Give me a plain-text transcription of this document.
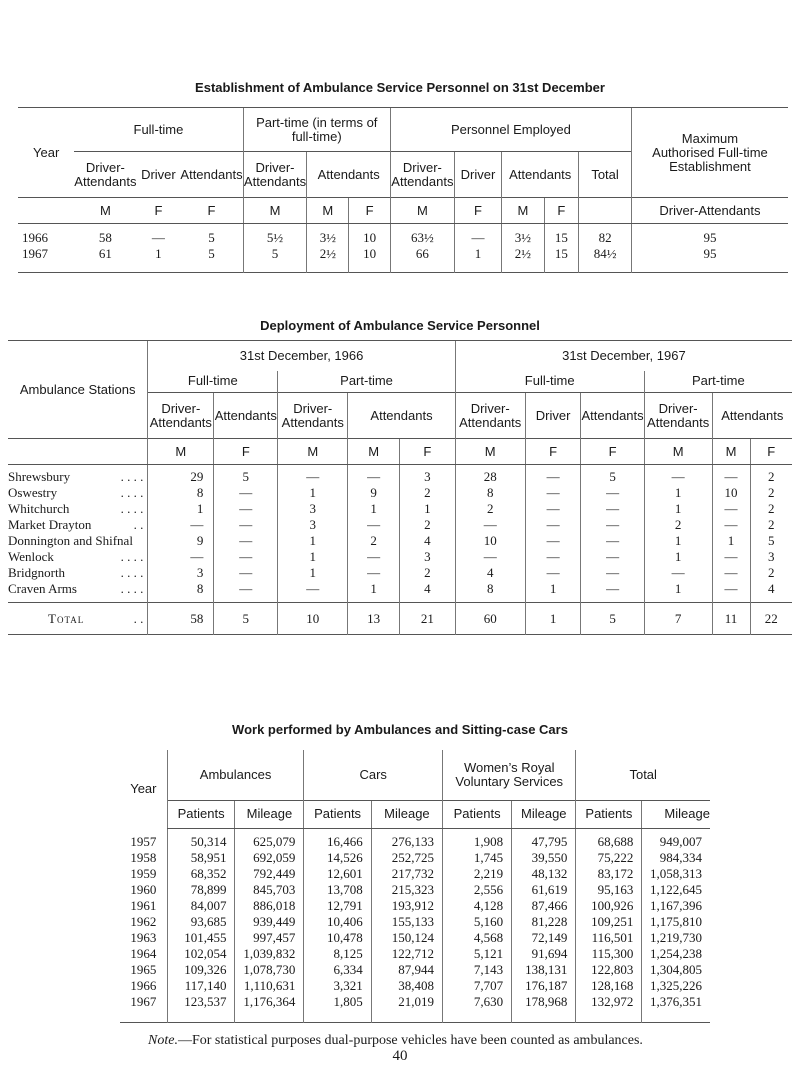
Establishment of Ambulance Service Personnel on 31st December
Year	Full-time			Part-time (in terms of full-time)			Personnel Employed					Maximum Authorised Full-time Establishment
	Driver-Attendants	Driver	Attendants	Driver-Attendants	Attendants		Driver-Attendants	Driver	Attendants		Total	
	M	F	F	M	M	F	M	F	M	F		Driver-Attendants
1966	58	—	5	5½	3½	10	63½	—	3½	15	82	95
1967	61	1	5	5	2½	10	66	1	2½	15	84½	95
Deployment of Ambulance Service Personnel
Ambulance Stations	31st December, 1966					31st December, 1967					
	Full-time		Part-time			Full-time			Part-time		
	Driver-Attendants	Attendants	Driver-Attendants	Attendants		Driver-Attendants	Driver	Attendants	Driver-Attendants	Attendants	
	M	F	M	M	F	M	F	F	M	M	F
Shrewsbury . . . .	29	5	—	—	3	28	—	5	—	—	2
Oswestry . . . .	8	—	1	9	2	8	—	—	1	10	2
Whitchurch . . . .	1	—	3	1	1	2	—	—	1	—	2
Market Drayton . .	—	—	3	—	2	—	—	—	2	—	2
Donnington and Shifnal	9	—	1	2	4	10	—	—	1	1	5
Wenlock . . . .	—	—	1	—	3	—	—	—	1	—	3
Bridgnorth . . . .	3	—	1	—	2	4	—	—	—	—	2
Craven Arms . . . .	8	—	—	1	4	8	1	—	1	—	4

Total . .	58	5	10	13	21	60	1	5	7	11	22
Work performed by Ambulances and Sitting-case Cars
Year	Ambulances		Cars		Women’s Royal Voluntary Services		Total	
	Patients	Mileage	Patients	Mileage	Patients	Mileage	Patients	Mileage
1957	50,314	625,079	16,466	276,133	1,908	47,795	68,688	949,007
1958	58,951	692,059	14,526	252,725	1,745	39,550	75,222	984,334
1959	68,352	792,449	12,601	217,732	2,219	48,132	83,172	1,058,313
1960	78,899	845,703	13,708	215,323	2,556	61,619	95,163	1,122,645
1961	84,007	886,018	12,791	193,912	4,128	87,466	100,926	1,167,396
1962	93,685	939,449	10,406	155,133	5,160	81,228	109,251	1,175,810
1963	101,455	997,457	10,478	150,124	4,568	72,149	116,501	1,219,730
1964	102,054	1,039,832	8,125	122,712	5,121	91,694	115,300	1,254,238
1965	109,326	1,078,730	6,334	87,944	7,143	138,131	122,803	1,304,805
1966	117,140	1,110,631	3,321	38,408	7,707	176,187	128,168	1,325,226
1967	123,537	1,176,364	1,805	21,019	7,630	178,968	132,972	1,376,351

Note.—For statistical purposes dual-purpose vehicles have been counted as ambulances.
40
